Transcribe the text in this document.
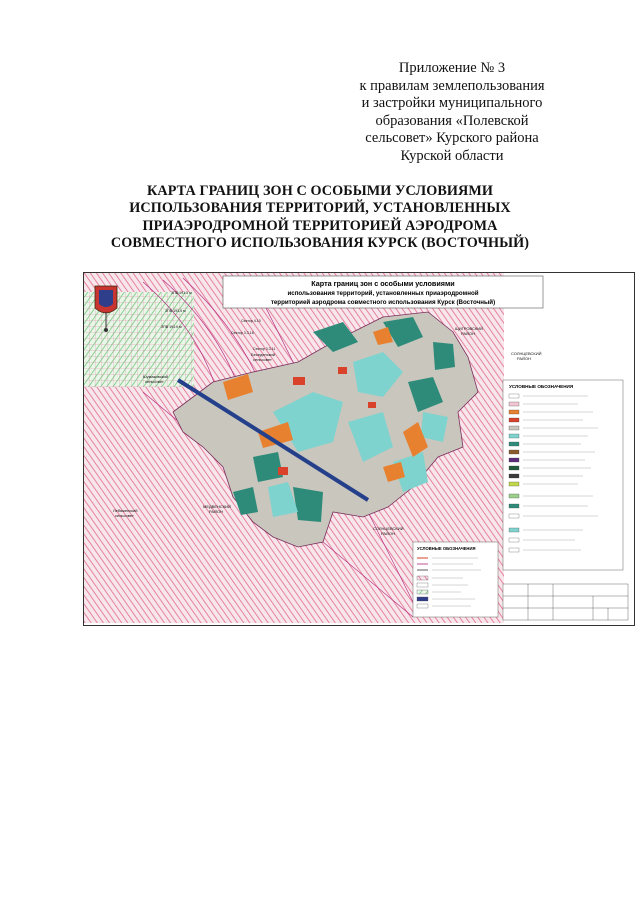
Приложение № 3
к правилам землепользования
и застройки муниципального
образования «Полевской
сельсовет» Курского района
Курской области
КАРТА ГРАНИЦ ЗОН С ОСОБЫМИ УСЛОВИЯМИ
ИСПОЛЬЗОВАНИЯ ТЕРРИТОРИЙ, УСТАНОВЛЕННЫХ
ПРИАЭРОДРОМНОЙ ТЕРРИТОРИЕЙ АЭРОДРОМА
СОВМЕСТНОГО ИСПОЛЬЗОВАНИЯ КУРСК (ВОСТОЧНЫЙ)
Карта границ зон с особыми условиями
использования территорий, установленных приаэродромной
территорией аэродрома совместного использования Курск (Восточный)
ЗПВ 191.5 м
ЗПВ 193.5 м
ЗПВ 191.0 м
Сектор 4.10
Сектор 3.3.16
Сектор 3.3.11
ЩИГРОВСКИЙ РАЙОН
СОЛНЦЕВСКИЙ РАЙОН
МЕДВЕНСКИЙ РАЙОН
СОЛНЦЕВСКИЙ РАЙОН
Лебяженский сельсовет
Беседенский сельсовет
Шумаковский сельсовет
УСЛОВНЫЕ ОБОЗНАЧЕНИЯ
УСЛОВНЫЕ ОБОЗНАЧЕНИЯ
